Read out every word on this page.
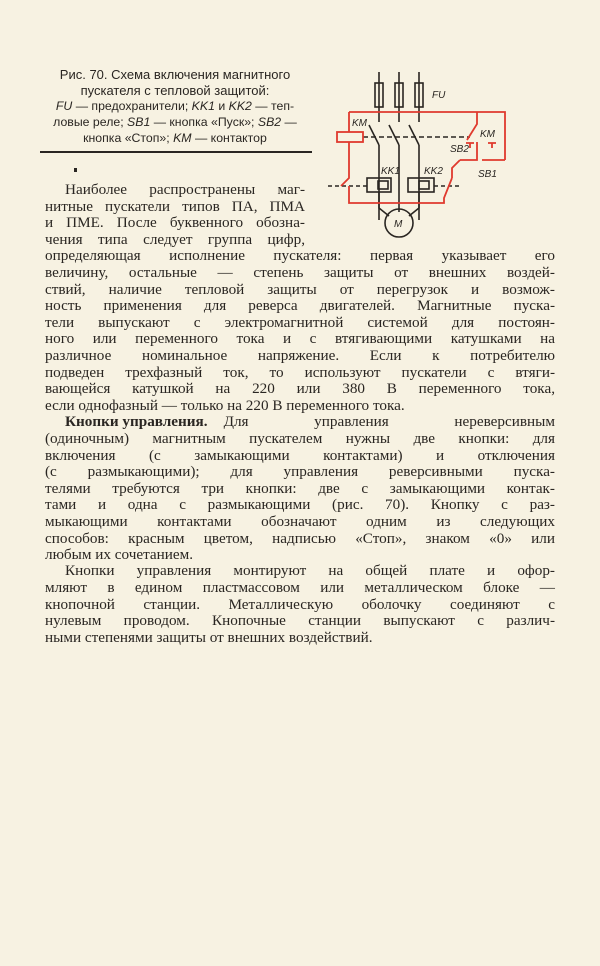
Рис. 70. Схема включения магнитного
пускателя с тепловой защитой:
FU — предохранители; KK1 и KK2 — теп-
ловые реле; SB1 — кнопка «Пуск»; SB2 —
кнопка «Стоп»; KM — контактор
FU
KM
KM
SB2
SB1
KK1 KK2
M
Наиболее распространены маг-
нитные пускатели типов ПА, ПМА
и ПМЕ. После буквенного обозна-
чения типа следует группа цифр,
определяющая исполнение пускателя: первая указывает его
величину, остальные — степень защиты от внешних воздей-
ствий, наличие тепловой защиты от перегрузок и возмож-
ность применения для реверса двигателей. Магнитные пуска-
тели выпускают с электромагнитной системой для постоян-
ного или переменного тока и с втягивающими катушками на
различное номинальное напряжение. Если к потребителю
подведен трехфазный ток, то используют пускатели с втяги-
вающейся катушкой на 220 или 380 В переменного тока,
если однофазный — только на 220 В переменного тока.
Кнопки управления. Для управления нереверсивным
(одиночным) магнитным пускателем нужны две кнопки: для
включения (с замыкающими контактами) и отключения
(с размыкающими); для управления реверсивными пуска-
телями требуются три кнопки: две с замыкающими контак-
тами и одна с размыкающими (рис. 70). Кнопку с раз-
мыкающими контактами обозначают одним из следующих
способов: красным цветом, надписью «Стоп», знаком «0» или
любым их сочетанием.
Кнопки управления монтируют на общей плате и офор-
мляют в едином пластмассовом или металлическом блоке —
кнопочной станции. Металлическую оболочку соединяют с
нулевым проводом. Кнопочные станции выпускают с различ-
ными степенями защиты от внешних воздействий.
